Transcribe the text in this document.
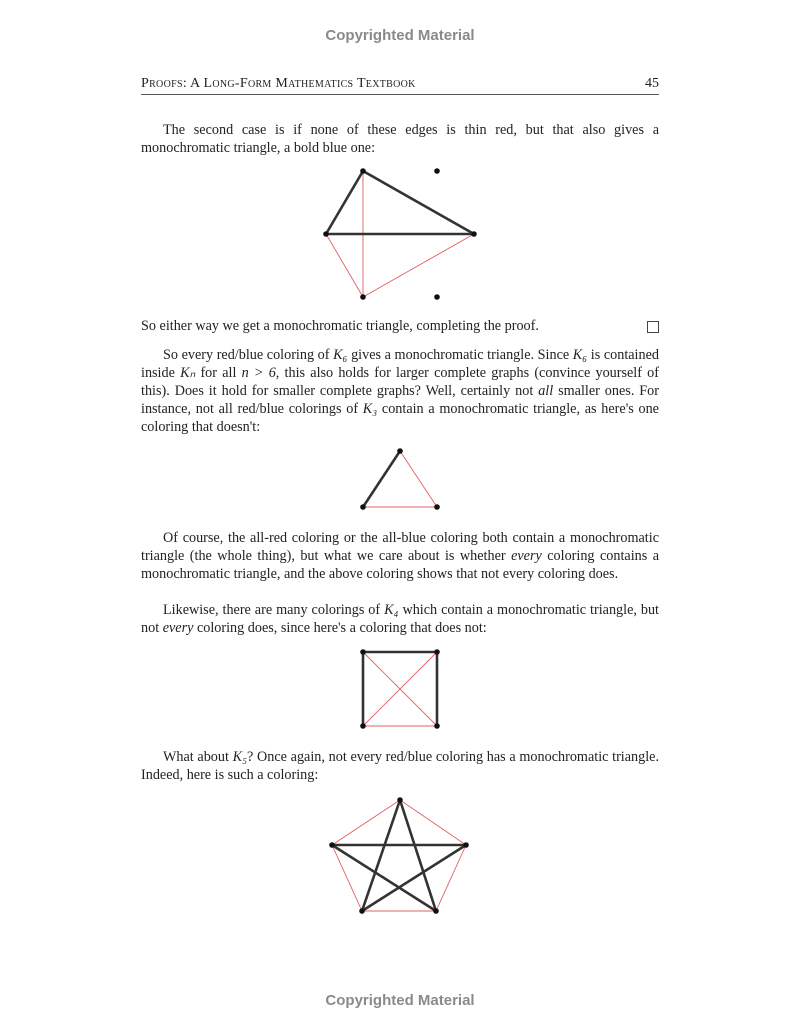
Copyrighted Material
Proofs: A Long-Form Mathematics Textbook	45
The second case is if none of these edges is thin red, but that also gives a monochromatic triangle, a bold blue one:
So either way we get a monochromatic triangle, completing the proof.
So every red/blue coloring of K₆ gives a monochromatic triangle. Since K₆ is contained inside Kₙ for all n > 6, this also holds for larger complete graphs (convince yourself of this). Does it hold for smaller complete graphs? Well, certainly not all smaller ones. For instance, not all red/blue colorings of K₃ contain a monochromatic triangle, as here's one coloring that doesn't:
Of course, the all-red coloring or the all-blue coloring both contain a monochromatic triangle (the whole thing), but what we care about is whether every coloring contains a monochromatic triangle, and the above coloring shows that not every coloring does.
Likewise, there are many colorings of K₄ which contain a monochromatic triangle, but not every coloring does, since here's a coloring that does not:
What about K₅? Once again, not every red/blue coloring has a monochromatic triangle. Indeed, here is such a coloring:
Copyrighted Material
